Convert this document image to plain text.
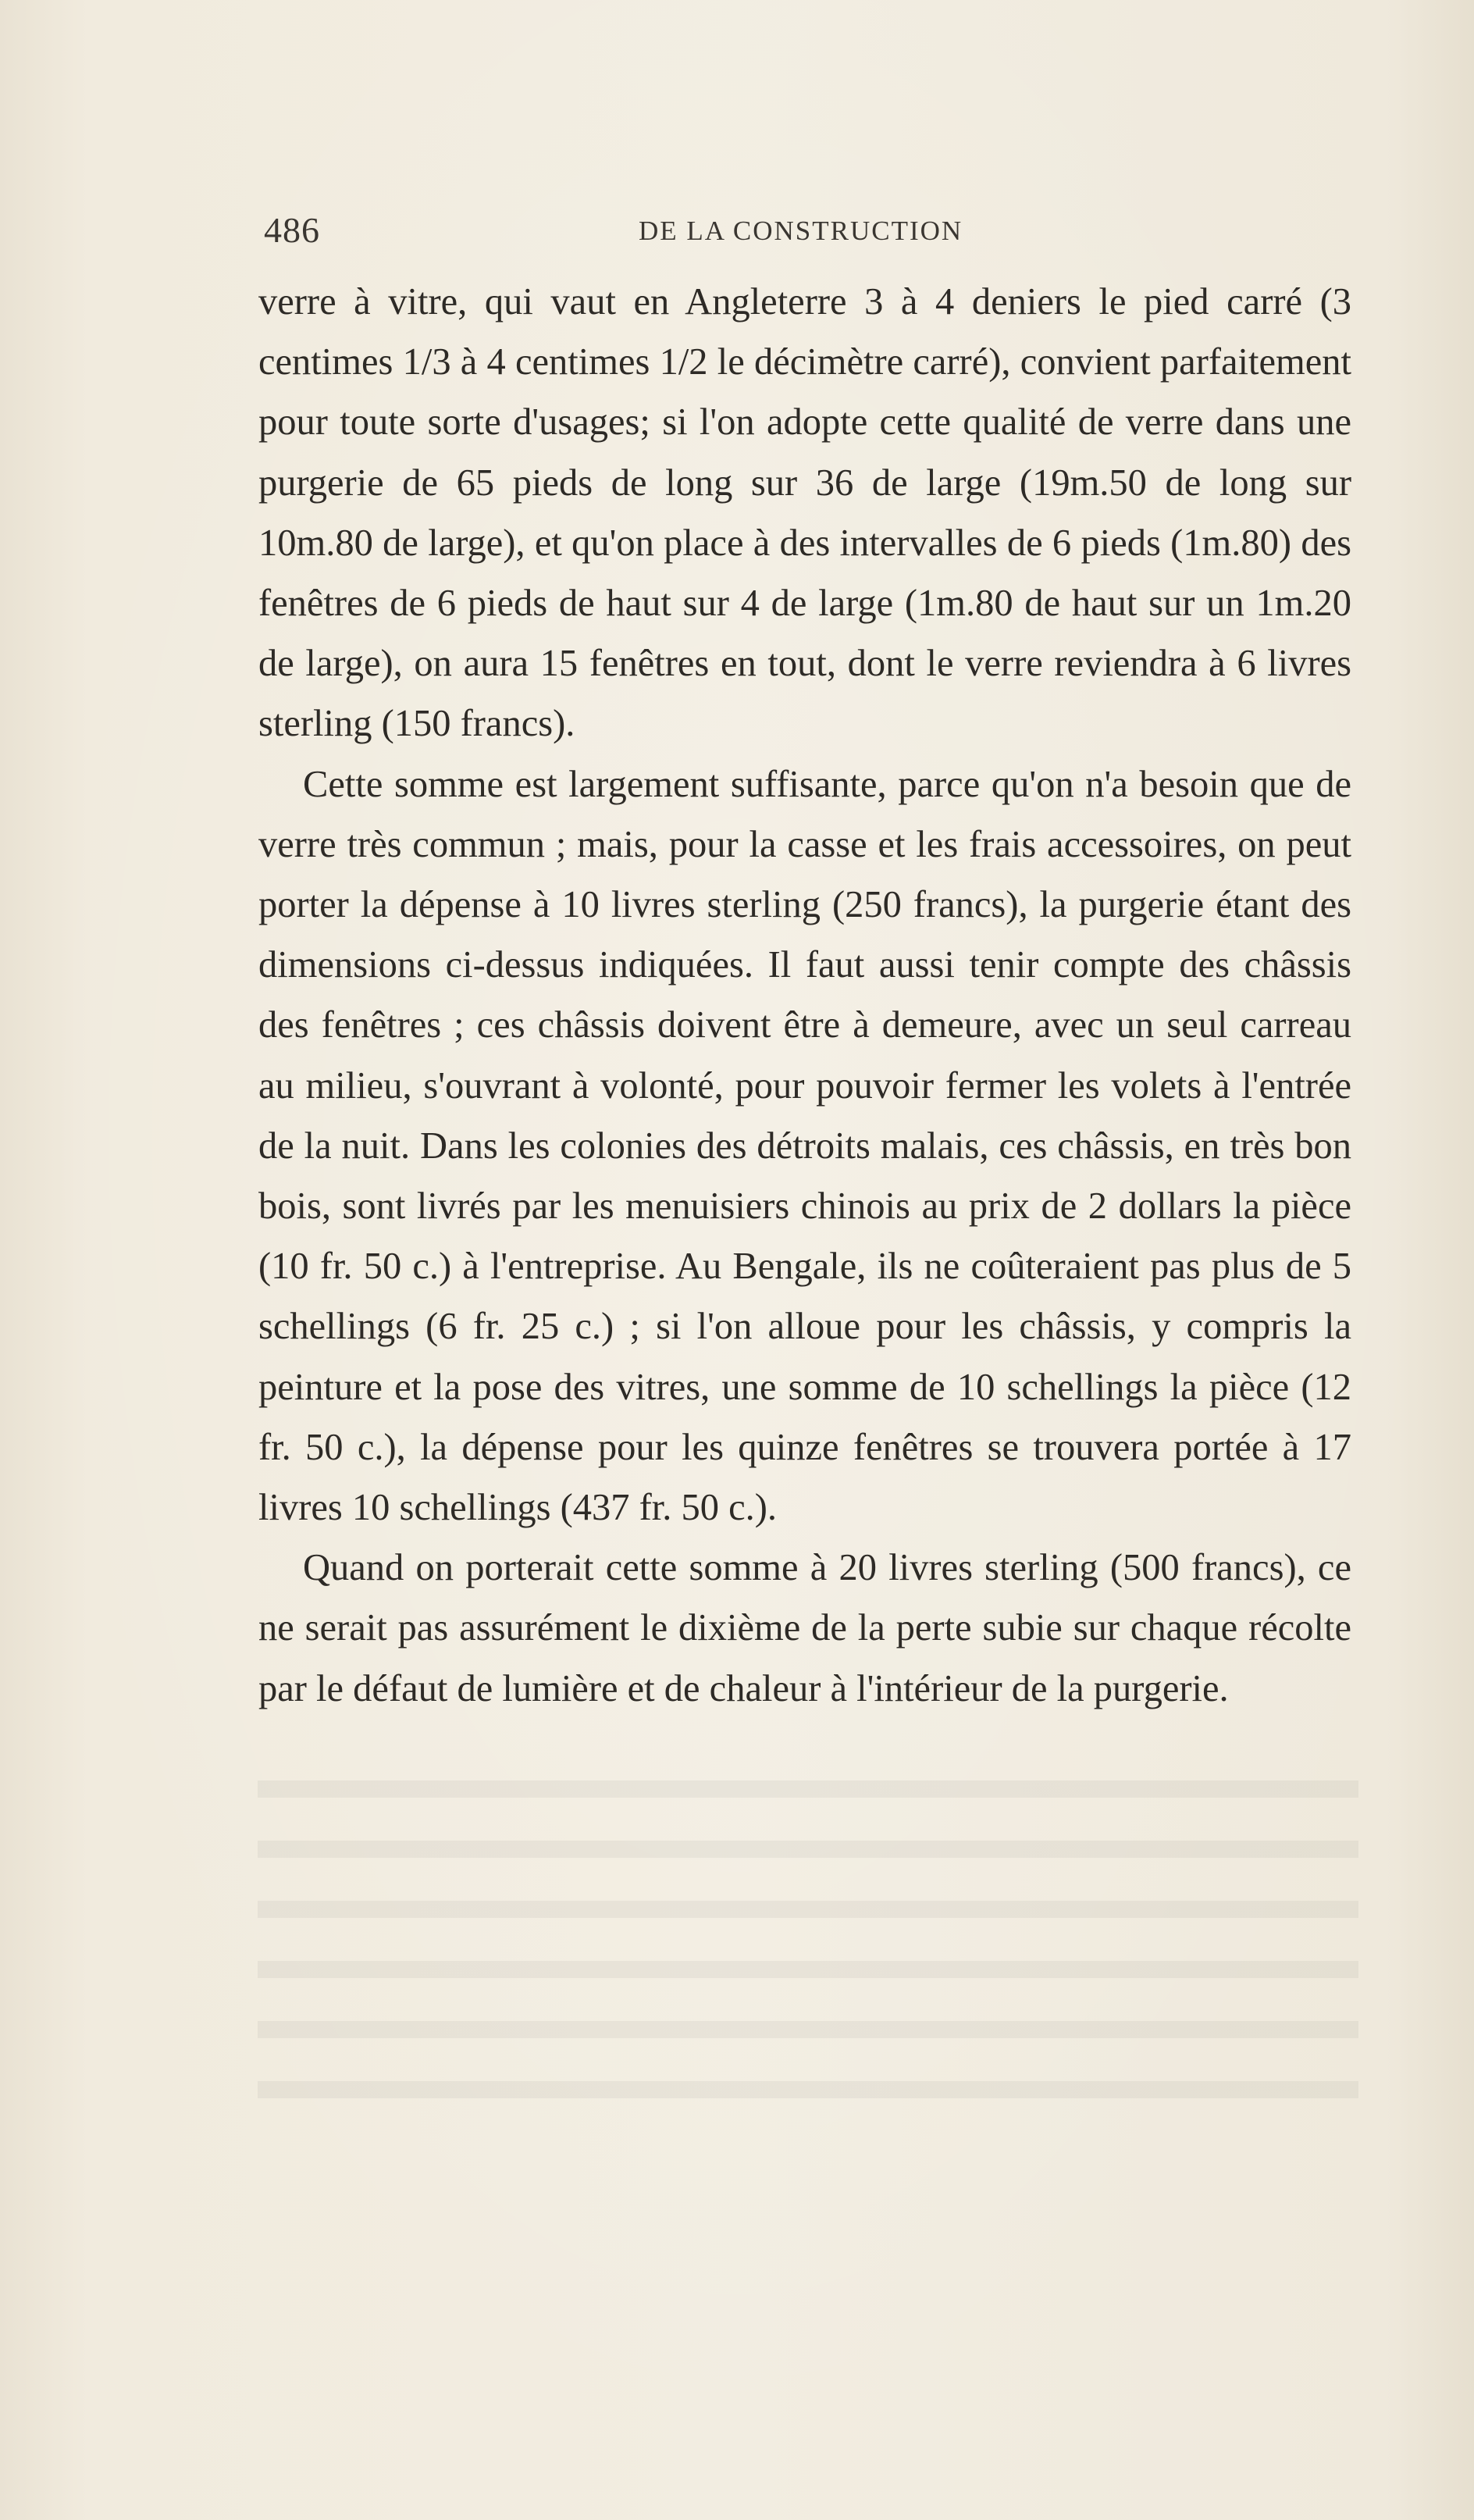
486	DE LA CONSTRUCTION

verre à vitre, qui vaut en Angleterre 3 à 4 deniers le pied carré (3 centimes 1/3 à 4 centimes 1/2 le décimètre carré), convient parfaitement pour toute sorte d'usages; si l'on adopte cette qualité de verre dans une purgerie de 65 pieds de long sur 36 de large (19m.50 de long sur 10m.80 de large), et qu'on place à des intervalles de 6 pieds (1m.80) des fenêtres de 6 pieds de haut sur 4 de large (1m.80 de haut sur un 1m.20 de large), on aura 15 fenêtres en tout, dont le verre reviendra à 6 livres sterling (150 francs).

Cette somme est largement suffisante, parce qu'on n'a besoin que de verre très commun ; mais, pour la casse et les frais accessoires, on peut porter la dépense à 10 livres sterling (250 francs), la purgerie étant des dimensions ci-dessus indiquées. Il faut aussi tenir compte des châssis des fenêtres ; ces châssis doivent être à demeure, avec un seul carreau au milieu, s'ouvrant à volonté, pour pouvoir fermer les volets à l'entrée de la nuit. Dans les colonies des détroits malais, ces châssis, en très bon bois, sont livrés par les menuisiers chinois au prix de 2 dollars la pièce (10 fr. 50 c.) à l'entreprise. Au Bengale, ils ne coûteraient pas plus de 5 schellings (6 fr. 25 c.) ; si l'on alloue pour les châssis, y compris la peinture et la pose des vitres, une somme de 10 schellings la pièce (12 fr. 50 c.), la dépense pour les quinze fenêtres se trouvera portée à 17 livres 10 schellings (437 fr. 50 c.).

Quand on porterait cette somme à 20 livres sterling (500 francs), ce ne serait pas assurément le dixième de la perte subie sur chaque récolte par le défaut de lumière et de chaleur à l'intérieur de la purgerie.
